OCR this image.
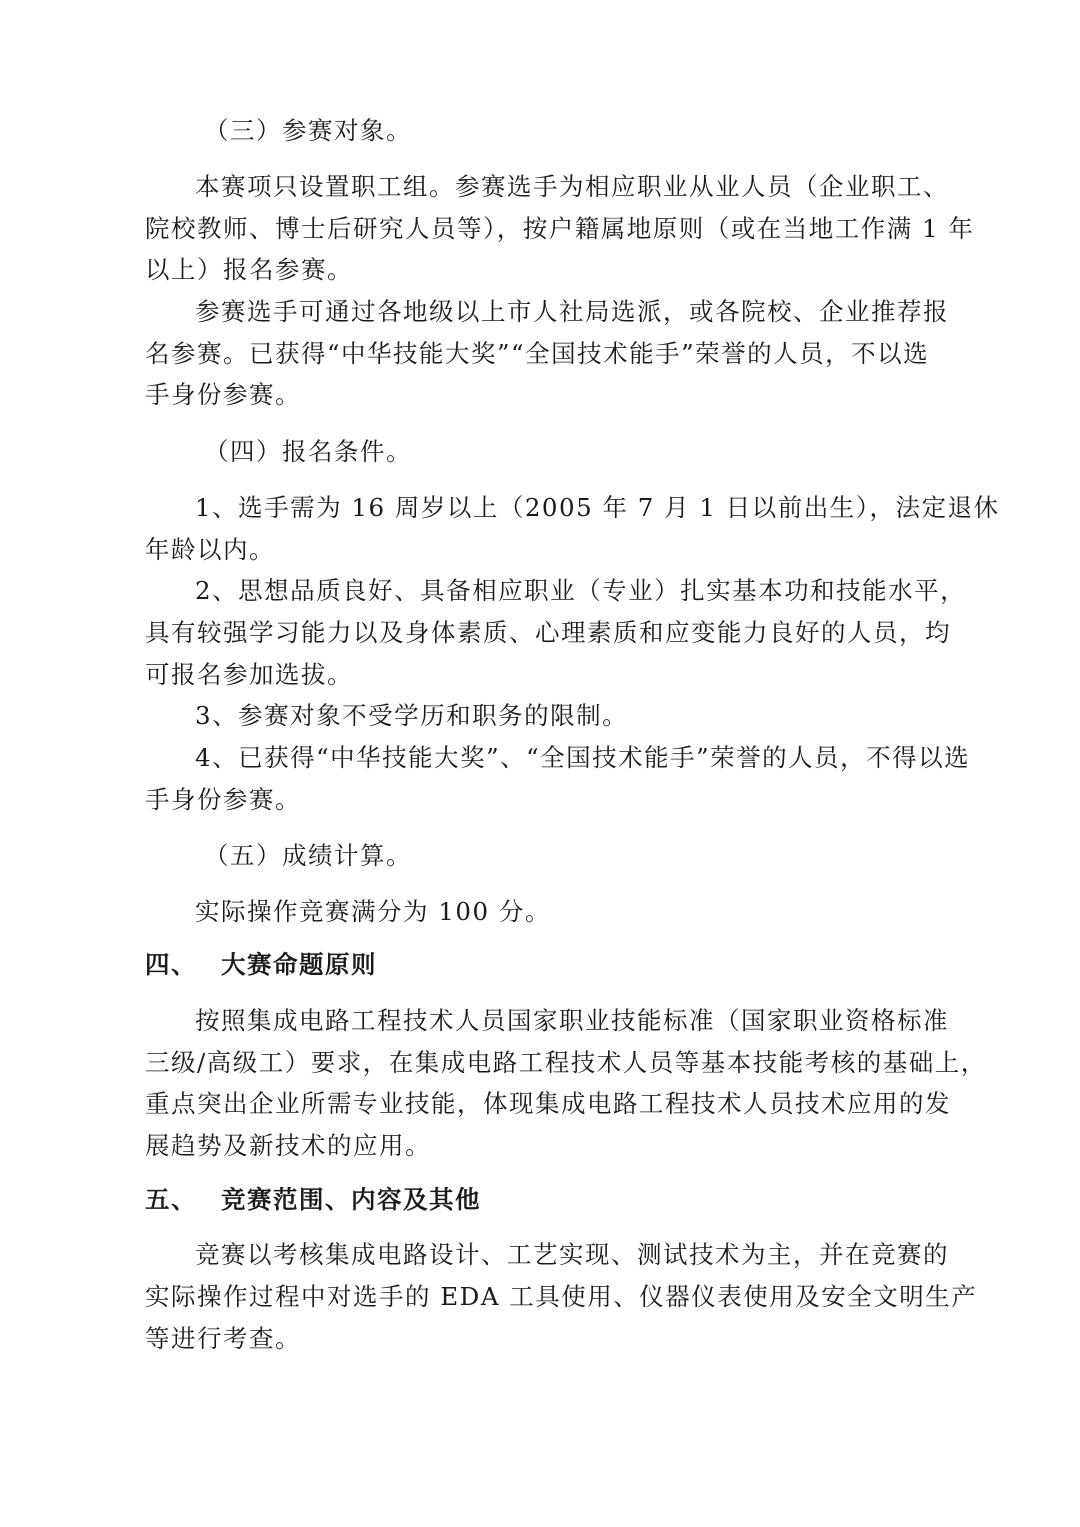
（三）参赛对象。
本赛项只设置职工组。参赛选手为相应职业从业人员（企业职工、
院校教师、博士后研究人员等），按户籍属地原则（或在当地工作满 1 年
以上）报名参赛。
参赛选手可通过各地级以上市人社局选派，或各院校、企业推荐报
名参赛。已获得“中华技能大奖”“全国技术能手”荣誉的人员，不以选
手身份参赛。
（四）报名条件。
1、选手需为 16 周岁以上（2005 年 7 月 1 日以前出生），法定退休
年龄以内。
2、思想品质良好、具备相应职业（专业）扎实基本功和技能水平，
具有较强学习能力以及身体素质、心理素质和应变能力良好的人员，均
可报名参加选拔。
3、参赛对象不受学历和职务的限制。
4、已获得“中华技能大奖”、“全国技术能手”荣誉的人员，不得以选
手身份参赛。
（五）成绩计算。
实际操作竞赛满分为 100 分。
四、 大赛命题原则
按照集成电路工程技术人员国家职业技能标准（国家职业资格标准
三级/高级工）要求，在集成电路工程技术人员等基本技能考核的基础上，
重点突出企业所需专业技能，体现集成电路工程技术人员技术应用的发
展趋势及新技术的应用。
五、 竞赛范围、内容及其他
竞赛以考核集成电路设计、工艺实现、测试技术为主，并在竞赛的
实际操作过程中对选手的 EDA 工具使用、仪器仪表使用及安全文明生产
等进行考查。
